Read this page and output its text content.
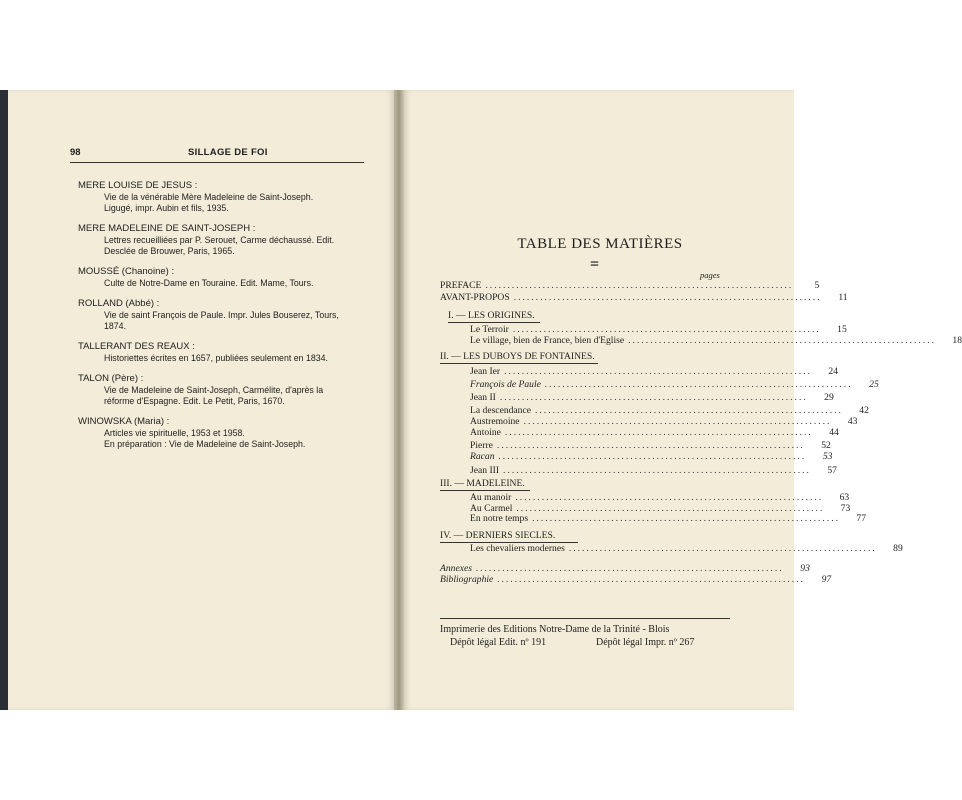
98	SILLAGE DE FOI
MERE LOUISE DE JESUS :
Vie de la vénérable Mère Madeleine de Saint-Joseph.
Ligugé, impr. Aubin et fils, 1935.
MERE MADELEINE DE SAINT-JOSEPH :
Lettres recueilliées par P. Serouet, Carme déchaussé. Edit.
Desclée de Brouwer, Paris, 1965.
MOUSSÉ (Chanoine) :
Culte de Notre-Dame en Touraine. Edit. Mame, Tours.
ROLLAND (Abbé) :
Vie de saint François de Paule. Impr. Jules Bouserez, Tours,
1874.
TALLERANT DES REAUX :
Historiettes écrites en 1657, publiées seulement en 1834.
TALON (Père) :
Vie de Madeleine de Saint-Joseph, Carmélite, d'après la
réforme d'Espagne. Edit. Le Petit, Paris, 1670.
WINOWSKA (Maria) :
Articles vie spirituelle, 1953 et 1958.
En préparation : Vie de Madeleine de Saint-Joseph.
TABLE DES MATIÈRES
=
pages
PREFACE ......................................................................	5
AVANT-PROPOS ......................................................................	11
I. — LES ORIGINES.
Le Terroir ......................................................................	15
Le village, bien de France, bien d'Eglise ......................................................................	18
II. — LES DUBOYS DE FONTAINES.
Jean Ier ......................................................................	24
François de Paule ......................................................................	25
Jean II ......................................................................	29
La descendance ......................................................................	42
Austremoine ......................................................................	43
Antoine ......................................................................	44
Pierre ......................................................................	52
Racan ......................................................................	53
Jean III ......................................................................	57
III. — MADELEINE.
Au manoir ......................................................................	63
Au Carmel ......................................................................	73
En notre temps ......................................................................	77
IV. — DERNIERS SIECLES.
Les chevaliers modernes ......................................................................	89
Annexes ......................................................................	93
Bibliographie ......................................................................	97
Imprimerie des Editions Notre-Dame de la Trinité - Blois
Dépôt légal Edit. nº 191	Dépôt légal Impr. nº 267
